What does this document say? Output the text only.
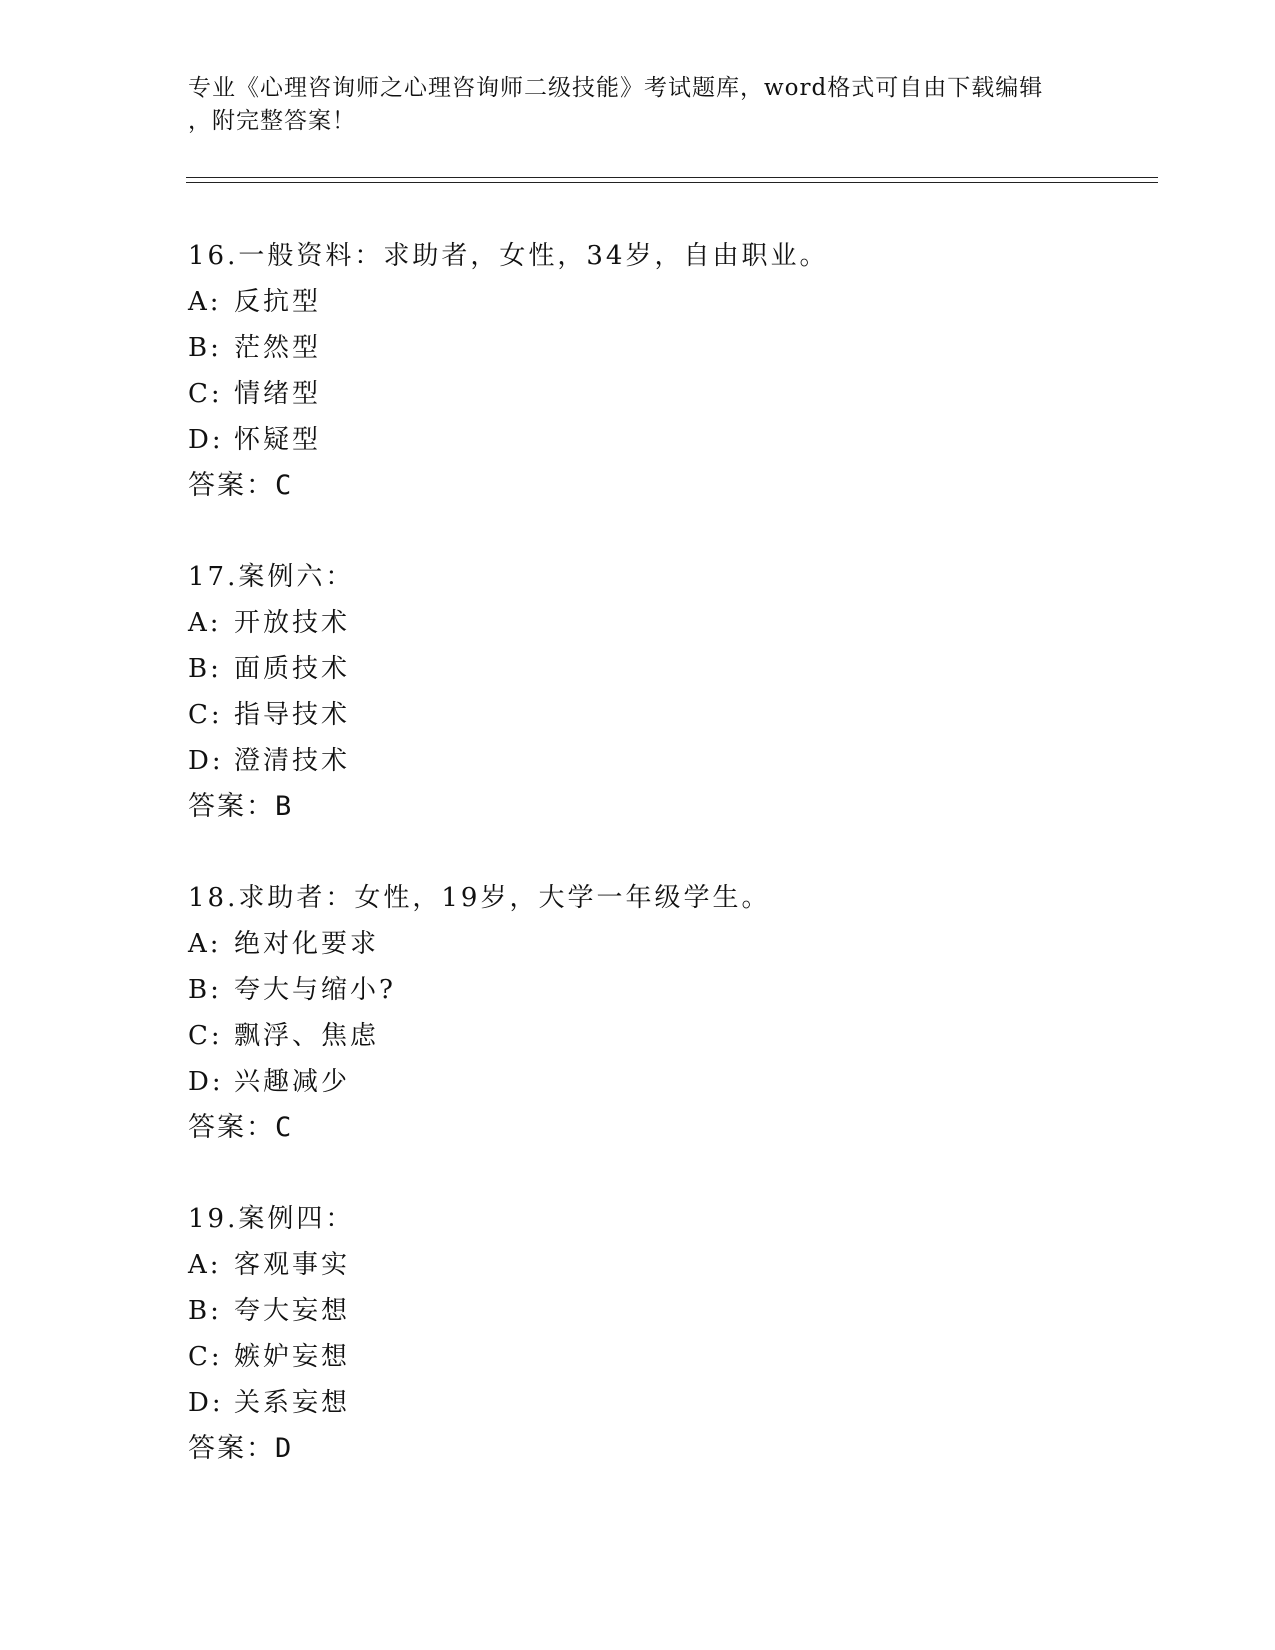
专业《心理咨询师之心理咨询师二级技能》考试题库，word格式可自由下载编辑
，附完整答案！
16.一般资料：求助者，女性，34岁，自由职业。
A: 反抗型
B: 茫然型
C: 情绪型
D: 怀疑型
答案：C
17.案例六：
A: 开放技术
B: 面质技术
C: 指导技术
D: 澄清技术
答案：B
18.求助者：女性，19岁，大学一年级学生。
A: 绝对化要求
B: 夸大与缩小?
C: 飘浮、焦虑
D: 兴趣减少
答案：C
19.案例四：
A: 客观事实
B: 夸大妄想
C: 嫉妒妄想
D: 关系妄想
答案：D
